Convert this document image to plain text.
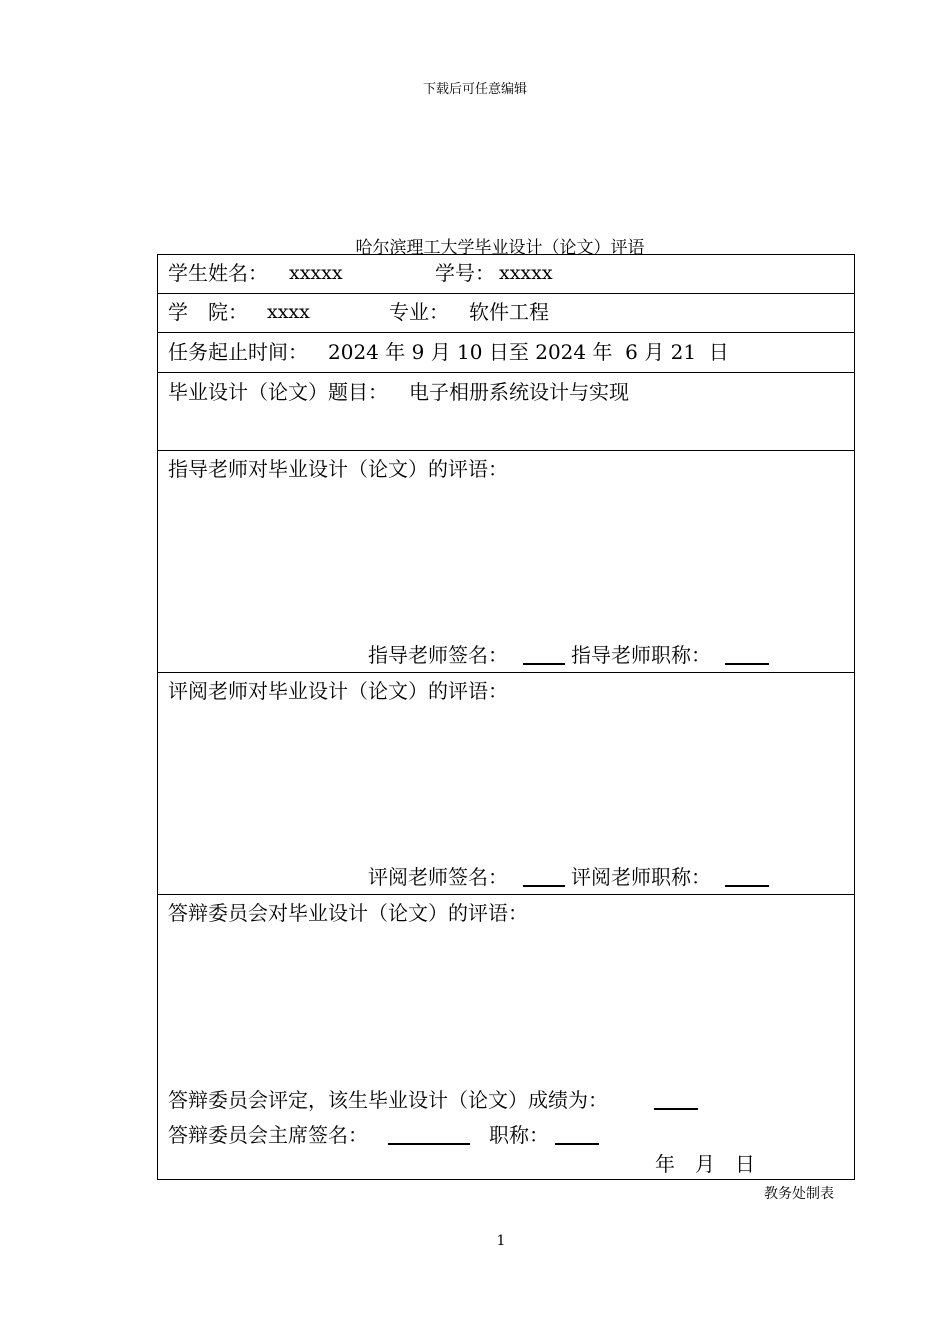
下载后可任意编辑
哈尔滨理工大学毕业设计（论文）评语
学生姓名： xxxxx	学号： xxxxx
学　院： xxxx	专业： 软件工程
任务起止时间： 2024 年 9 月 10 日至 2024 年  6 月 21  日
毕业设计（论文）题目： 电子相册系统设计与实现
指导老师对毕业设计（论文）的评语：
指导老师签名：	指导老师职称：
评阅老师对毕业设计（论文）的评语：
评阅老师签名：	评阅老师职称：
答辩委员会对毕业设计（论文）的评语：
答辩委员会评定，该生毕业设计（论文）成绩为：
答辩委员会主席签名：	职称：
年　月　日
教务处制表
1
